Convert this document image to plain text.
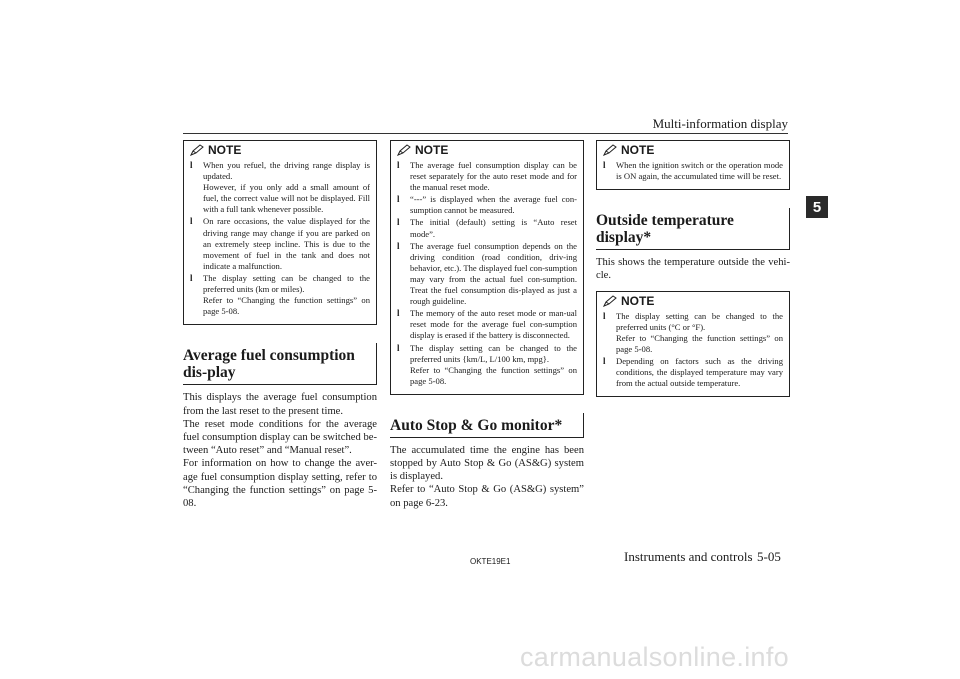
Multi-information display
5
NOTE
l When you refuel, the driving range display is updated.
However, if you only add a small amount of fuel, the correct value will not be displayed. Fill with a full tank whenever possible.
l On rare occasions, the value displayed for the driving range may change if you are parked on an extremely steep incline. This is due to the movement of fuel in the tank and does not indicate a malfunction.
l The display setting can be changed to the preferred units (km or miles).
Refer to “Changing the function settings” on page 5-08.
Average fuel consumption dis-play

This displays the average fuel consumption from the last reset to the present time.

The reset mode conditions for the average fuel consumption display can be switched be-tween “Auto reset” and “Manual reset”.

For information on how to change the aver-age fuel consumption display setting, refer to “Changing the function settings” on page 5-08.

NOTE
l The average fuel consumption display can be reset separately for the auto reset mode and for the manual reset mode.
l “---” is displayed when the average fuel con-sumption cannot be measured.
l The initial (default) setting is “Auto reset mode”.
l The average fuel consumption depends on the driving condition (road condition, driv-ing behavior, etc.). The displayed fuel con-sumption may vary from the actual fuel con-sumption. Treat the fuel consumption dis-played as just a rough guideline.
l The memory of the auto reset mode or man-ual reset mode for the average fuel con-sumption display is erased if the battery is disconnected.
l The display setting can be changed to the preferred units {km/L, L/100 km, mpg}.
Refer to “Changing the function settings” on page 5-08.
Auto Stop & Go monitor*

The accumulated time the engine has been stopped by Auto Stop & Go (AS&G) system is displayed.

Refer to “Auto Stop & Go (AS&G) system” on page 6-23.

NOTE
l When the ignition switch or the operation mode is ON again, the accumulated time will be reset.
Outside temperature display*

This shows the temperature outside the vehi-cle.

NOTE
l The display setting can be changed to the preferred units (°C or °F).
Refer to “Changing the function settings” on page 5-08.
l Depending on factors such as the driving conditions, the displayed temperature may vary from the actual outside temperature.
OKTE19E1	Instruments and controls 5-05
carmanualsonline.info
